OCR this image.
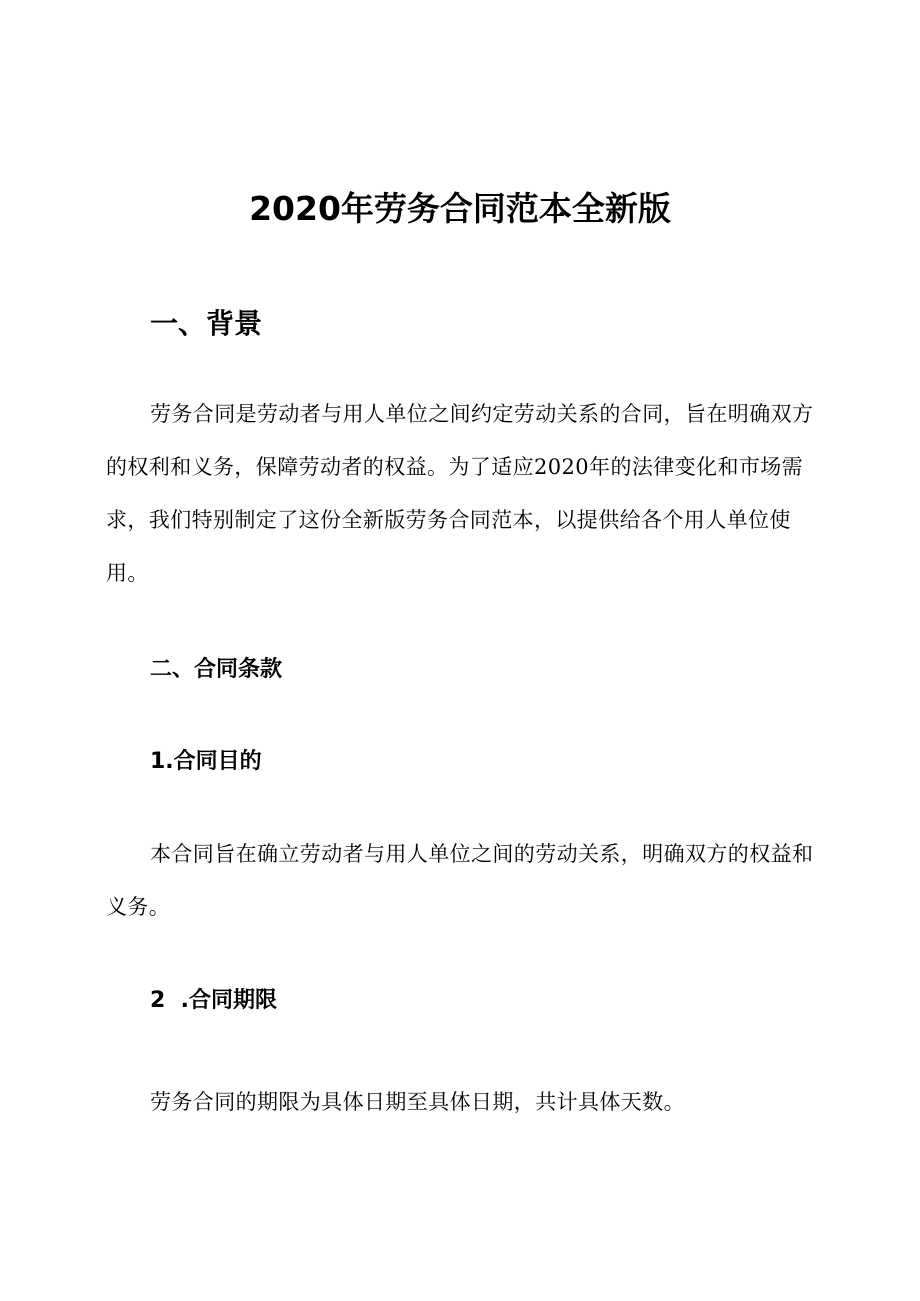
2020年劳务合同范本全新版
一、背景

劳务合同是劳动者与用人单位之间约定劳动关系的合同，旨在明确双方的权利和义务，保障劳动者的权益。为了适应2020年的法律变化和市场需求，我们特别制定了这份全新版劳务合同范本，以提供给各个用人单位使用。

二、合同条款
1.合同目的

本合同旨在确立劳动者与用人单位之间的劳动关系，明确双方的权益和义务。

2  .合同期限

劳务合同的期限为具体日期至具体日期，共计具体天数。
